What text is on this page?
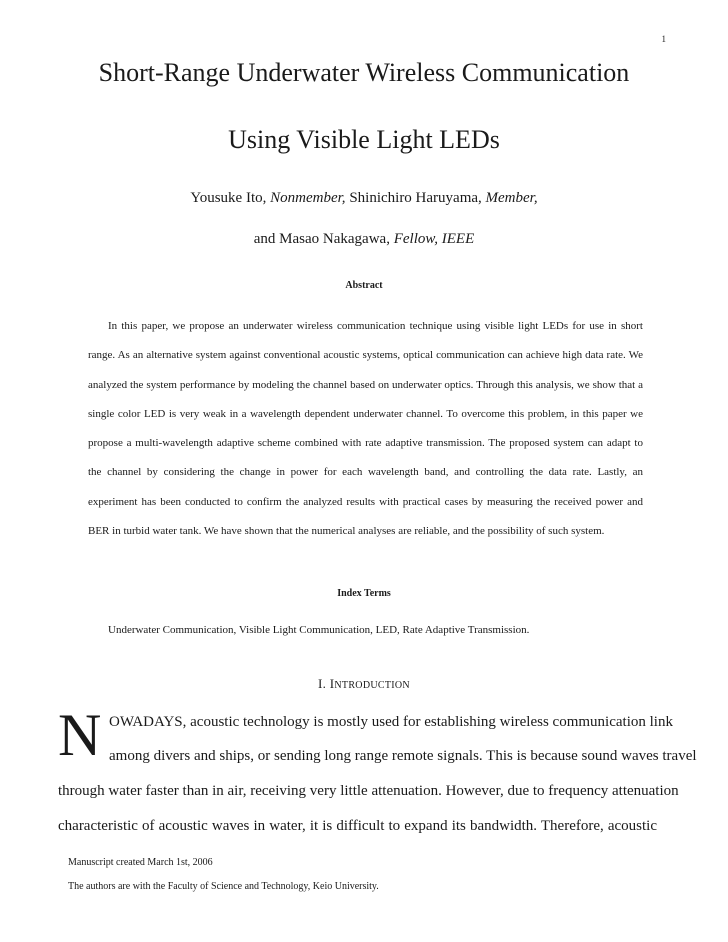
1
Short-Range Underwater Wireless Communication
Using Visible Light LEDs
Yousuke Ito, Nonmember, Shinichiro Haruyama, Member,
and Masao Nakagawa, Fellow, IEEE
Abstract

In this paper, we propose an underwater wireless communication technique using visible light LEDs for use in short range. As an alternative system against conventional acoustic systems, optical communication can achieve high data rate. We analyzed the system performance by modeling the channel based on underwater optics. Through this analysis, we show that a single color LED is very weak in a wavelength dependent underwater channel. To overcome this problem, in this paper we propose a multi-wavelength adaptive scheme combined with rate adaptive transmission. The proposed system can adapt to the channel by considering the change in power for each wavelength band, and controlling the data rate. Lastly, an experiment has been conducted to confirm the analyzed results with practical cases by measuring the received power and BER in turbid water tank. We have shown that the numerical analyses are reliable, and the possibility of such system.

Index Terms
Underwater Communication, Visible Light Communication, LED, Rate Adaptive Transmission.
I. INTRODUCTION
N OWADAYS, acoustic technology is mostly used for establishing wireless communication link
among divers and ships, or sending long range remote signals. This is because sound waves travel
through water faster than in air, receiving very little attenuation. However, due to frequency attenuation
characteristic of acoustic waves in water, it is difficult to expand its bandwidth. Therefore, acoustic
Manuscript created March 1st, 2006
The authors are with the Faculty of Science and Technology, Keio University.
